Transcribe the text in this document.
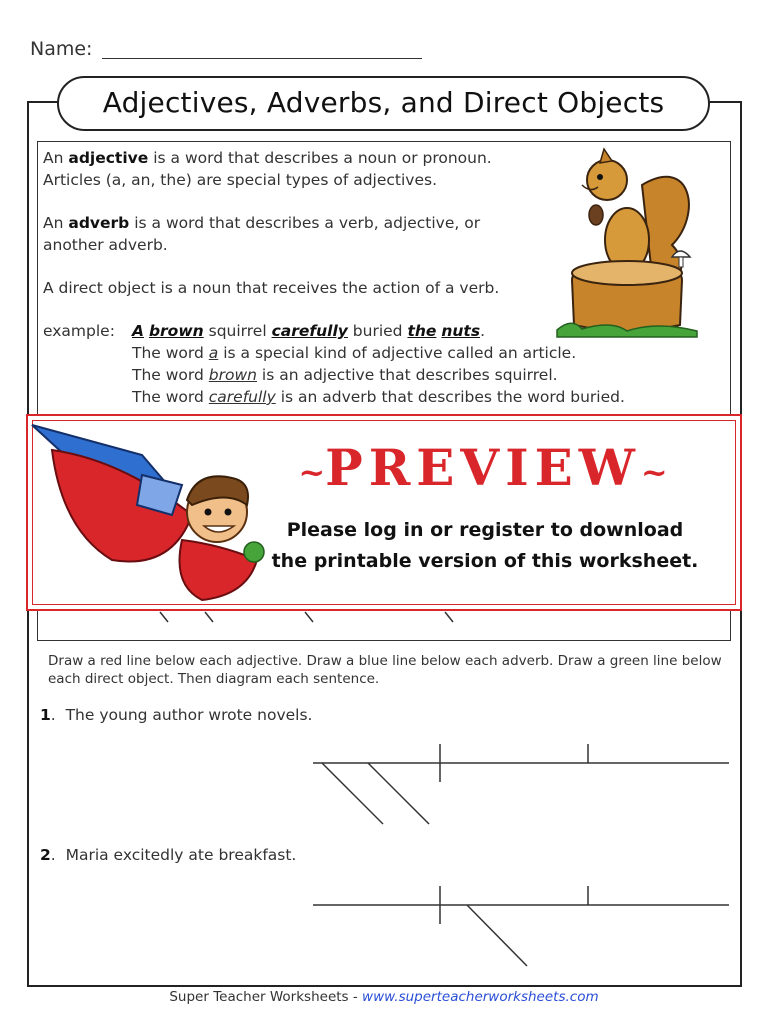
Name:
Adjectives, Adverbs, and Direct Objects
An adjective is a word that describes a noun or pronoun.
Articles (a, an, the) are special types of adjectives.
An adverb is a word that describes a verb, adjective, or
another adverb.
A direct object is a noun that receives the action of a verb.
example: A brown squirrel carefully buried the nuts.
The word a is a special kind of adjective called an article.
The word brown is an adjective that describes squirrel.
The word carefully is an adverb that describes the word buried.
~PREVIEW~
Please log in or register to download
the printable version of this worksheet.
Draw a red line below each adjective. Draw a blue line below each adverb. Draw a green line below each direct object. Then diagram each sentence.
1.  The young author wrote novels.
2.  Maria excitedly ate breakfast.
Super Teacher Worksheets - www.superteacherworksheets.com
